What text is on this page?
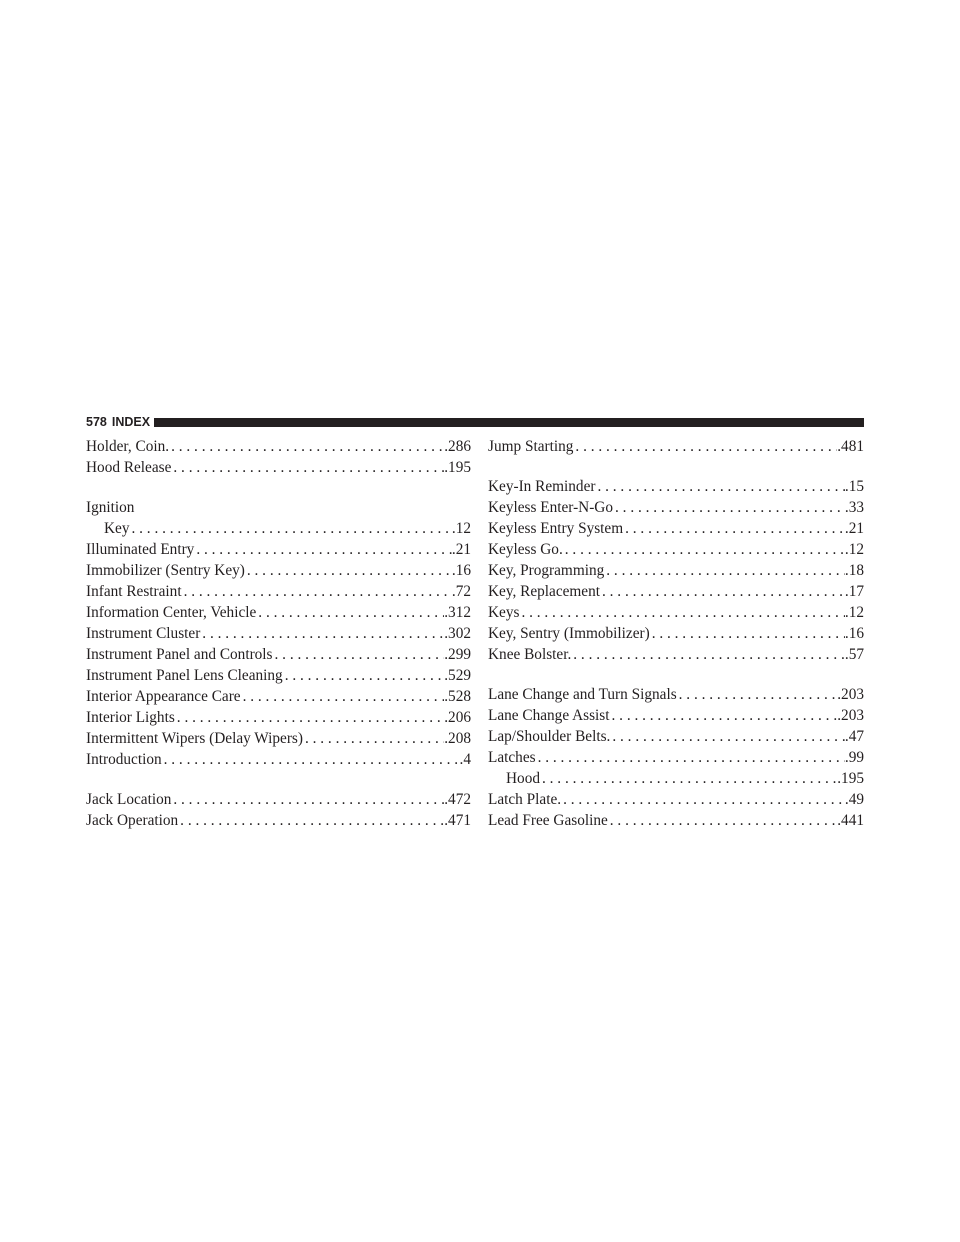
578 INDEX
Holder, Coin. . . .	.286
Hood Release . . .	.195
Ignition
Key . . .	.12
Illuminated Entry . . .	.21
Immobilizer (Sentry Key) . . .	.16
Infant Restraint . . .	.72
Information Center, Vehicle . . .	.312
Instrument Cluster . . .	.302
Instrument Panel and Controls . . .	.299
Instrument Panel Lens Cleaning . . .	.529
Interior Appearance Care . . .	.528
Interior Lights . . .	.206
Intermittent Wipers (Delay Wipers) . . .	.208
Introduction . . .	.4
Jack Location . . .	.472
Jack Operation . . .	.471
Jump Starting . . .	.481
Key-In Reminder . . .	.15
Keyless Enter-N-Go . . .	.33
Keyless Entry System . . .	.21
Keyless Go. . . .	.12
Key, Programming . . .	.18
Key, Replacement . . .	.17
Keys . . .	.12
Key, Sentry (Immobilizer) . . .	.16
Knee Bolster. . . .	.57
Lane Change and Turn Signals . . .	.203
Lane Change Assist . . .	.203
Lap/Shoulder Belts. . . .	.47
Latches . . .	.99
Hood . . .	.195
Latch Plate. . . .	.49
Lead Free Gasoline . . .	.441
